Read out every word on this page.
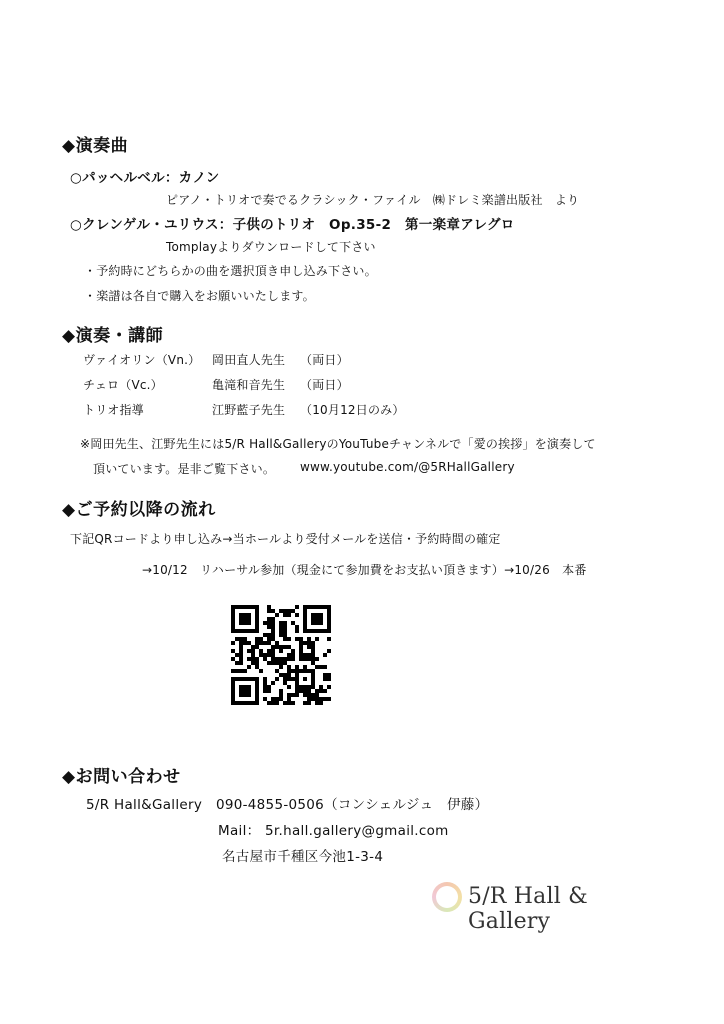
◆演奏曲
○パッヘルベル：カノン
ピアノ・トリオで奏でるクラシック・ファイル　㈱ドレミ楽譜出版社　より
○クレンゲル・ユリウス：子供のトリオ　Op.35-2　第一楽章アレグロ
Tomplayよりダウンロードして下さい
・予約時にどちらかの曲を選択頂き申し込み下さい。
・楽譜は各自で購入をお願いいたします。
◆演奏・講師
ヴァイオリン（Vn.） 岡田直人先生 （両日）
チェロ（Vc.）	亀滝和音先生 （両日）
トリオ指導	江野藍子先生 （10月12日のみ）
※岡田先生、江野先生には5/R Hall&GalleryのYouTubeチャンネルで「愛の挨拶」を演奏して
頂いています。是非ご覧下さい。 www.youtube.com/@5RHallGallery
◆ご予約以降の流れ
下記QRコードより申し込み→当ホールより受付メールを送信・予約時間の確定
→10/12　リハーサル参加（現金にて参加費をお支払い頂きます）→10/26　本番
◆お問い合わせ
5/R Hall&Gallery　090-4855-0506（コンシェルジュ　伊藤）
Mail： 5r.hall.gallery@gmail.com
名古屋市千種区今池1-3-4
5/R Hall & Gallery
